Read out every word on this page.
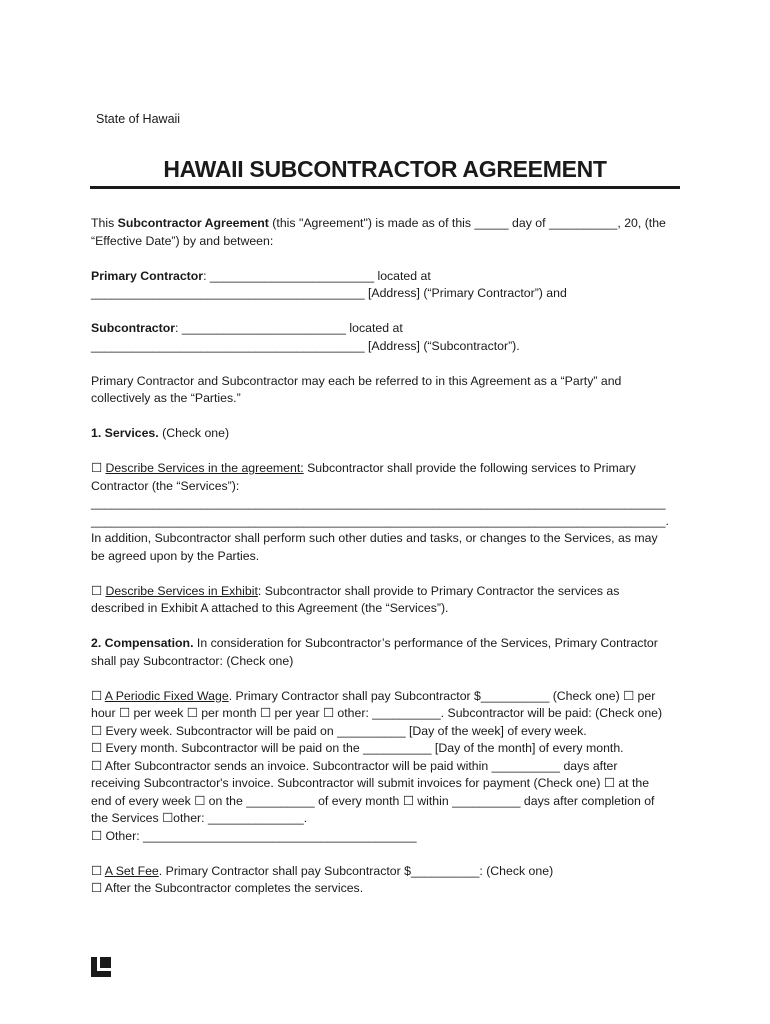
State of Hawaii
HAWAII SUBCONTRACTOR AGREEMENT

This Subcontractor Agreement (this "Agreement") is made as of this _____ day of __________, 20, (the

“Effective Date”) by and between:

Primary Contractor: ________________________ located at

________________________________________ [Address] (“Primary Contractor”) and

Subcontractor: ________________________ located at

________________________________________ [Address] (“Subcontractor”).

Primary Contractor and Subcontractor may each be referred to in this Agreement as a “Party” and

collectively as the “Parties.”

1. Services. (Check one)

☐ Describe Services in the agreement: Subcontractor shall provide the following services to Primary

Contractor (the “Services”):

____________________________________________________________________________________

____________________________________________________________________________________.

In addition, Subcontractor shall perform such other duties and tasks, or changes to the Services, as may

be agreed upon by the Parties.

☐ Describe Services in Exhibit: Subcontractor shall provide to Primary Contractor the services as

described in Exhibit A attached to this Agreement (the “Services”).

2. Compensation. In consideration for Subcontractor’s performance of the Services, Primary Contractor

shall pay Subcontractor: (Check one)

☐ A Periodic Fixed Wage. Primary Contractor shall pay Subcontractor $__________ (Check one) ☐ per

hour ☐ per week ☐ per month ☐ per year ☐ other: __________. Subcontractor will be paid: (Check one)

☐ Every week. Subcontractor will be paid on __________ [Day of the week] of every week.

☐ Every month. Subcontractor will be paid on the __________ [Day of the month] of every month.

☐ After Subcontractor sends an invoice. Subcontractor will be paid within __________ days after

receiving Subcontractor's invoice. Subcontractor will submit invoices for payment (Check one) ☐ at the

end of every week ☐ on the __________ of every month ☐ within __________ days after completion of

the Services ☐other: ______________.

☐ Other: ________________________________________

☐ A Set Fee. Primary Contractor shall pay Subcontractor $__________: (Check one)

☐ After the Subcontractor completes the services.
